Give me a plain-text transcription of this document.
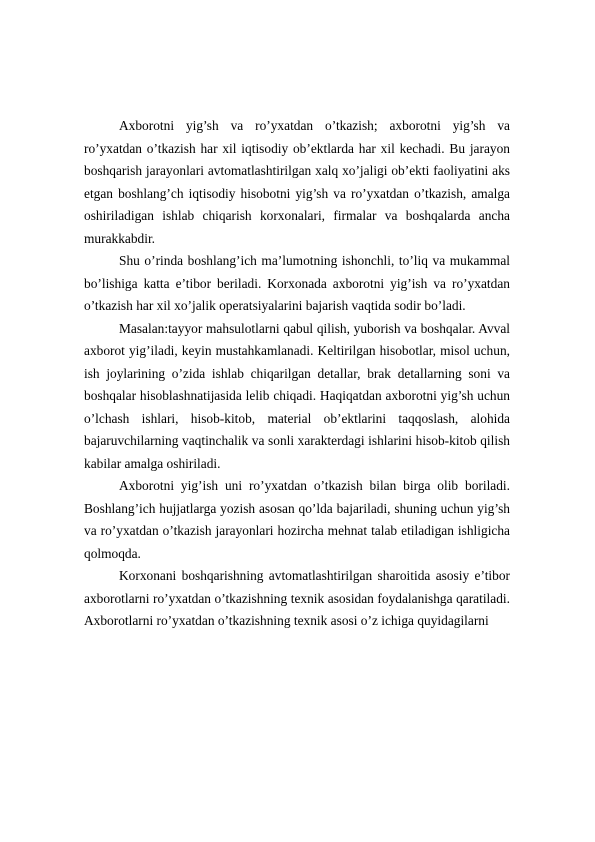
Axborotni yig’sh va ro’yxatdan o’tkazish; axborotni yig’sh va ro’yxatdan o’tkazish har xil iqtisodiy ob’ektlarda har xil kechadi. Bu jarayon boshqarish jarayonlari avtomatlashtirilgan xalq xo’jaligi ob’ekti faoliyatini aks etgan boshlang’ch iqtisodiy hisobotni yig’sh va ro’yxatdan o’tkazish, amalga oshiriladigan ishlab chiqarish korxonalari, firmalar va boshqalarda ancha murakkabdir.

Shu o’rinda boshlang’ich ma’lumotning ishonchli, to’liq va mukammal bo’lishiga katta e’tibor beriladi. Korxonada axborotni yig’ish va ro’yxatdan o’tkazish har xil xo’jalik operatsiyalarini bajarish vaqtida sodir bo’ladi.

Masalan:tayyor mahsulotlarni qabul qilish, yuborish va boshqalar. Avval axborot yig’iladi, keyin mustahkamlanadi. Keltirilgan hisobotlar, misol uchun, ish joylarining o’zida ishlab chiqarilgan detallar, brak detallarning soni va boshqalar hisoblashnatijasida lelib chiqadi. Haqiqatdan axborotni yig’sh uchun o’lchash ishlari, hisob-kitob, material ob’ektlarini taqqoslash, alohida bajaruvchilarning vaqtinchalik va sonli xarakterdagi ishlarini hisob-kitob qilish kabilar amalga oshiriladi.

Axborotni yig’ish uni ro’yxatdan o’tkazish bilan birga olib boriladi. Boshlang’ich hujjatlarga yozish asosan qo’lda bajariladi, shuning uchun yig’sh va ro’yxatdan o’tkazish jarayonlari hozircha mehnat talab etiladigan ishligicha qolmoqda.

Korxonani boshqarishning avtomatlashtirilgan sharoitida asosiy e’tibor axborotlarni ro’yxatdan o’tkazishning texnik asosidan foydalanishga qaratiladi. Axborotlarni ro’yxatdan o’tkazishning texnik asosi o’z ichiga quyidagilarni
